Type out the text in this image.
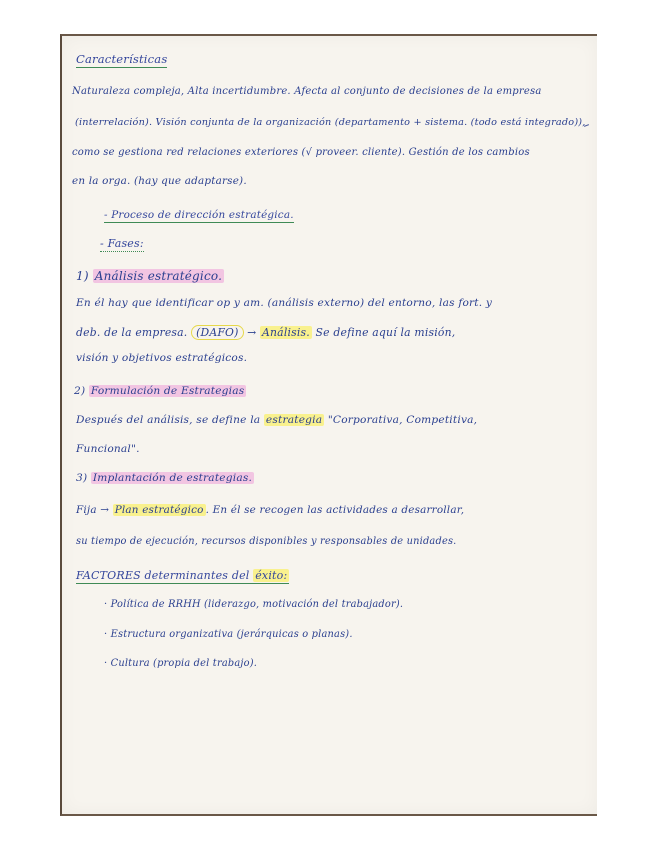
Características
Naturaleza compleja, Alta incertidumbre. Afecta al conjunto de decisiones de la empresa
(interrelación). Visión conjunta de la organización (departamento + sistema. (todo está integrado)),
como se gestiona red relaciones exteriores (√ proveer. cliente). Gestión de los cambios
en la orga. (hay que adaptarse).
- Proceso de dirección estratégica.
- Fases:
1) Análisis estratégico.
En él hay que identificar op y am. (análisis externo) del entorno, las fort. y
deb. de la empresa. (DAFO) → Análisis. Se define aquí la misión,
visión y objetivos estratégicos.
2) Formulación de Estrategias
Después del análisis, se define la estrategia "Corporativa, Competitiva,
Funcional".
3) Implantación de estrategias.
Fija → Plan estratégico . En él se recogen las actividades a desarrollar,
su tiempo de ejecución, recursos disponibles y responsables de unidades.
FACTORES determinantes del éxito:
· Política de RRHH (liderazgo, motivación del trabajador).
· Estructura organizativa (jerárquicas o planas).
· Cultura (propia del trabajo).
